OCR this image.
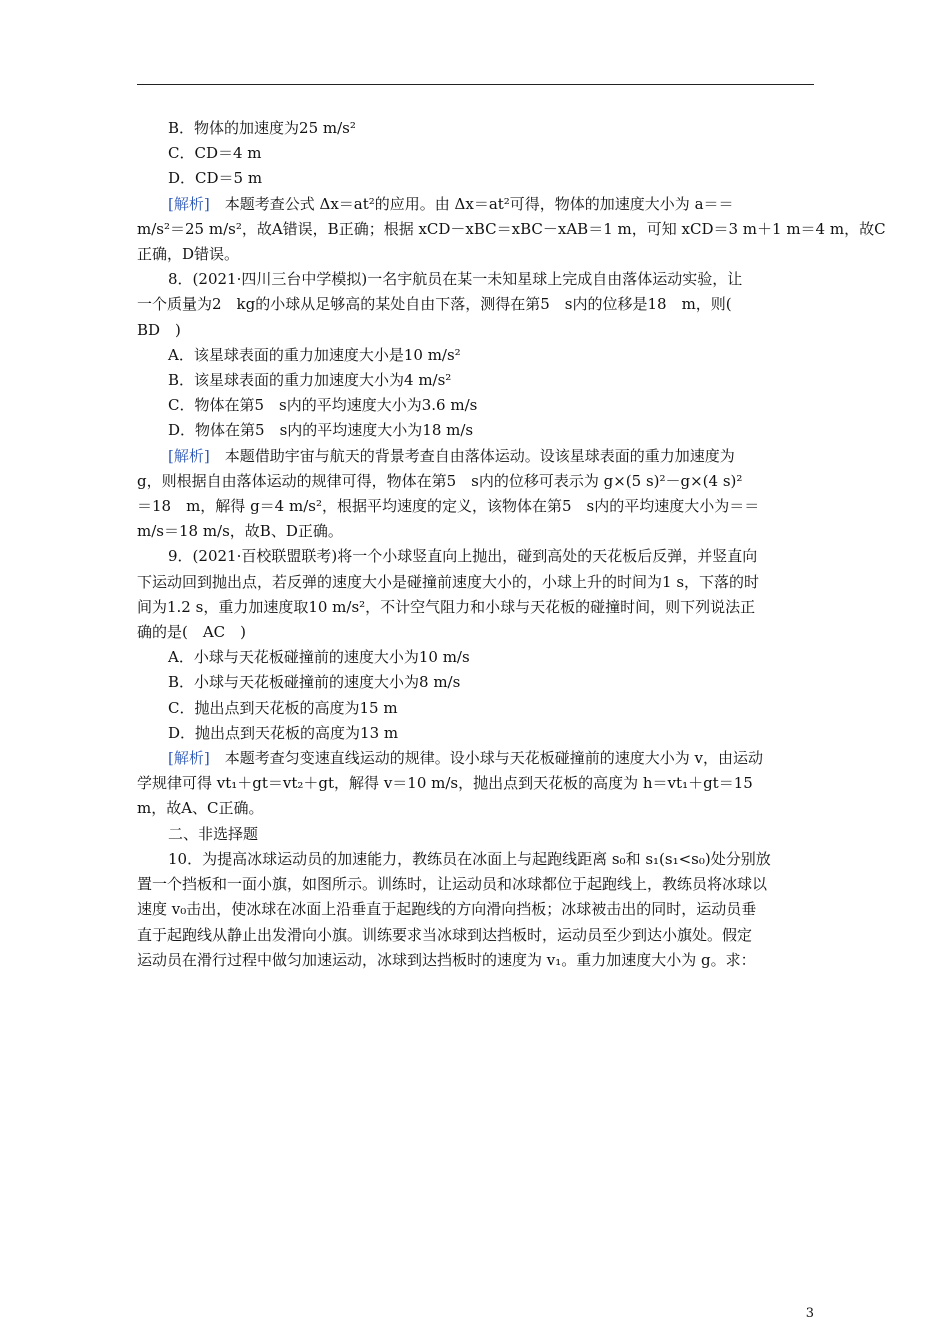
B．物体的加速度为25 m/s²
C．CD＝4 m
D．CD＝5 m
[解析]　本题考查公式 Δx＝at²的应用。由 Δx＝at²可得，物体的加速度大小为 a＝＝
m/s²＝25 m/s²，故A错误，B正确；根据 xCD－xBC＝xBC－xAB＝1 m，可知 xCD＝3 m＋1 m＝4 m，故C
正确，D错误。
8．(2021·四川三台中学模拟)一名宇航员在某一未知星球上完成自由落体运动实验，让
一个质量为2　kg的小球从足够高的某处自由下落，测得在第5　s内的位移是18　m，则(
BD　)
A．该星球表面的重力加速度大小是10 m/s²
B．该星球表面的重力加速度大小为4 m/s²
C．物体在第5　s内的平均速度大小为3.6 m/s
D．物体在第5　s内的平均速度大小为18 m/s
[解析]　本题借助宇宙与航天的背景考查自由落体运动。设该星球表面的重力加速度为
g，则根据自由落体运动的规律可得，物体在第5　s内的位移可表示为 g×(5 s)²－g×(4 s)²
＝18　m，解得 g＝4 m/s²，根据平均速度的定义，该物体在第5　s内的平均速度大小为＝＝
m/s＝18 m/s，故B、D正确。
9．(2021·百校联盟联考)将一个小球竖直向上抛出，碰到高处的天花板后反弹，并竖直向
下运动回到抛出点，若反弹的速度大小是碰撞前速度大小的，小球上升的时间为1 s，下落的时
间为1.2 s，重力加速度取10 m/s²，不计空气阻力和小球与天花板的碰撞时间，则下列说法正
确的是(　AC　)
A．小球与天花板碰撞前的速度大小为10 m/s
B．小球与天花板碰撞前的速度大小为8 m/s
C．抛出点到天花板的高度为15 m
D．抛出点到天花板的高度为13 m
[解析]　本题考查匀变速直线运动的规律。设小球与天花板碰撞前的速度大小为 v，由运动
学规律可得 vt₁＋gt＝vt₂＋gt，解得 v＝10 m/s，抛出点到天花板的高度为 h＝vt₁＋gt＝15
m，故A、C正确。
二、非选择题
10．为提高冰球运动员的加速能力，教练员在冰面上与起跑线距离 s₀和 s₁(s₁<s₀)处分别放
置一个挡板和一面小旗，如图所示。训练时，让运动员和冰球都位于起跑线上，教练员将冰球以
速度 v₀击出，使冰球在冰面上沿垂直于起跑线的方向滑向挡板；冰球被击出的同时，运动员垂
直于起跑线从静止出发滑向小旗。训练要求当冰球到达挡板时，运动员至少到达小旗处。假定
运动员在滑行过程中做匀加速运动，冰球到达挡板时的速度为 v₁。重力加速度大小为 g。求：
3
